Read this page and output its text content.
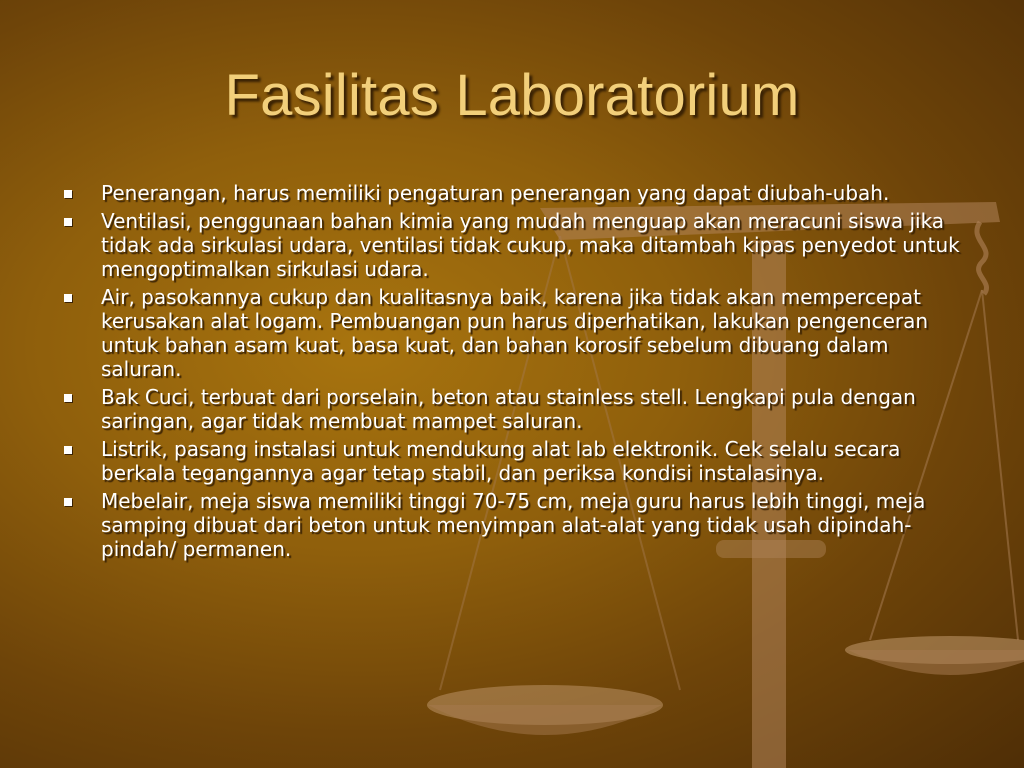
Fasilitas Laboratorium
Penerangan, harus memiliki pengaturan penerangan yang dapat diubah-ubah.
Ventilasi, penggunaan bahan kimia yang mudah menguap akan meracuni siswa jika tidak ada sirkulasi udara, ventilasi tidak cukup, maka ditambah kipas penyedot untuk mengoptimalkan sirkulasi udara.
Air, pasokannya cukup dan kualitasnya baik, karena jika tidak akan mempercepat kerusakan alat logam. Pembuangan pun harus diperhatikan, lakukan pengenceran untuk bahan asam kuat, basa kuat, dan bahan korosif sebelum dibuang dalam saluran.
Bak Cuci, terbuat dari porselain, beton atau stainless stell. Lengkapi pula dengan saringan, agar tidak membuat mampet saluran.
Listrik, pasang instalasi untuk mendukung alat lab elektronik. Cek selalu secara berkala tegangannya agar tetap stabil, dan periksa kondisi instalasinya.
Mebelair, meja siswa memiliki tinggi 70-75 cm, meja guru harus lebih tinggi, meja samping dibuat dari beton untuk menyimpan alat-alat yang tidak usah dipindah-pindah/ permanen.
